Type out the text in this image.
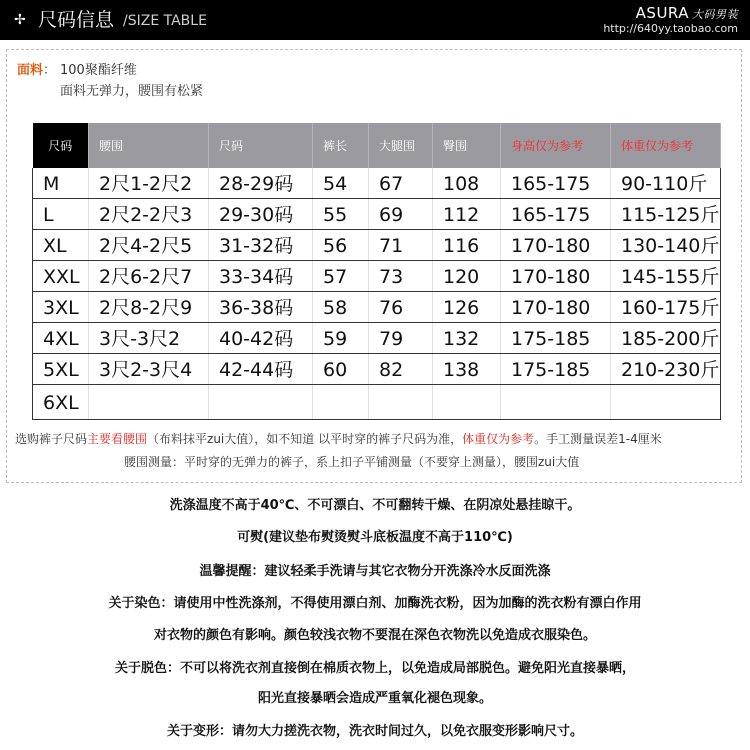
✢ 尺码信息 /SIZE TABLE	ASURA 大码男装
http://640yy.taobao.com
面料： 100聚酯纤维
面料无弹力，腰围有松紧
尺码	腰围	尺码	裤长	大腿围	臀围	身高仅为参考	体重仅为参考
M	2尺1-2尺2	28-29码	54	67	108	165-175	90-110斤
L	2尺2-2尺3	29-30码	55	69	112	165-175	115-125斤
XL	2尺4-2尺5	31-32码	56	71	116	170-180	130-140斤
XXL	2尺6-2尺7	33-34码	57	73	120	170-180	145-155斤
3XL	2尺8-2尺9	36-38码	58	76	126	170-180	160-175斤
4XL	3尺-3尺2	40-42码	59	79	132	175-185	185-200斤
5XL	3尺2-3尺4	42-44码	60	82	138	175-185	210-230斤
6XL							
选购裤子尺码主要看腰围（布料抹平zui大值），如不知道 以平时穿的裤子尺码为准，体重仅为参考。手工测量误差1-4厘米
腰围测量：平时穿的无弹力的裤子，系上扣子平铺测量（不要穿上测量），腰围zui大值
洗涤温度不高于40℃、不可漂白、不可翻转干燥、在阴凉处悬挂晾干。
可熨(建议垫布熨烫熨斗底板温度不高于110℃)
温馨提醒：建议轻柔手洗请与其它衣物分开洗涤冷水反面洗涤
关于染色：请使用中性洗涤剂，不得使用漂白剂、加酶洗衣粉，因为加酶的洗衣粉有漂白作用
对衣物的颜色有影响。颜色较浅衣物不要混在深色衣物洗以免造成衣服染色。
关于脱色：不可以将洗衣剂直接倒在棉质衣物上，以免造成局部脱色。避免阳光直接暴晒，
阳光直接暴晒会造成严重氧化褪色现象。
关于变形：请勿大力搓洗衣物，洗衣时间过久，以免衣服变形影响尺寸。
